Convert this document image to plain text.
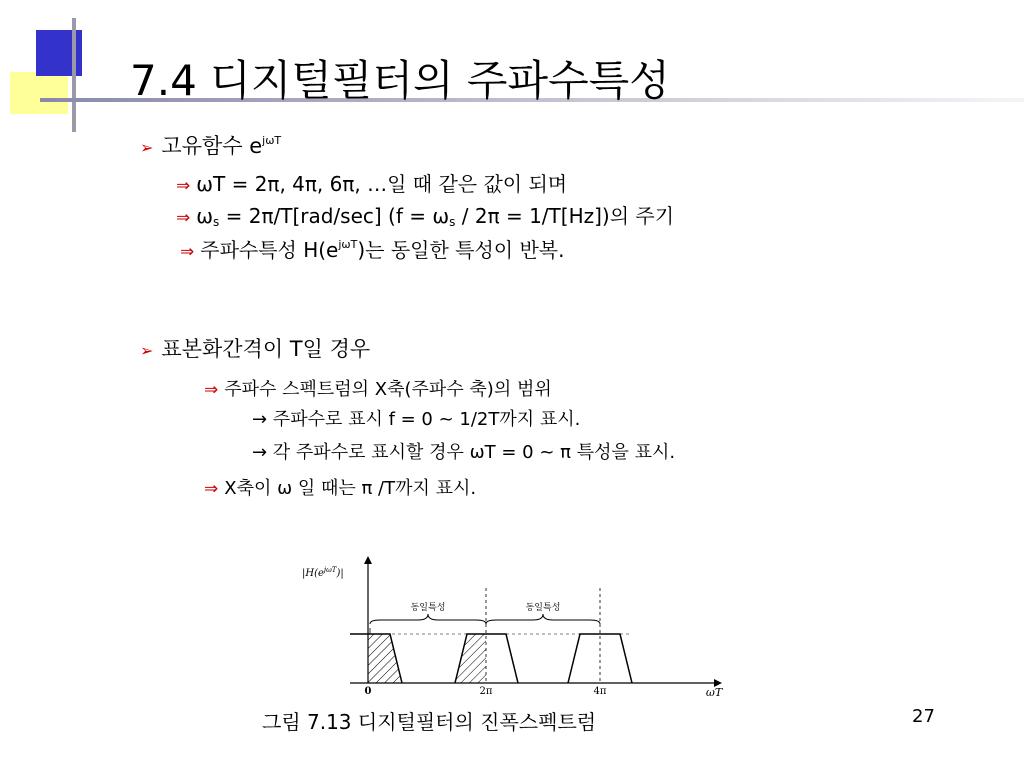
7.4 디지털필터의 주파수특성
➢ 고유함수 $e^{j\omega T}$
⇒ ωT = 2π, 4π, 6π, …일 때 같은 값이 되며
⇒ $\omega_s = 2\pi/T[rad/\sec] (f = \omega_s / 2\pi = 1/T[Hz])$의 주기
⇒ 주파수특성 $H(e^{j\omega T})$는 동일한 특성이 반복.
➢ 표본화간격이 T일 경우
⇒ 주파수 스펙트럼의 X축(주파수 축)의 범위
→ 주파수로 표시 f = 0 ~ 1/2T까지 표시.
→ 각 주파수로 표시할 경우 ωT = 0 ~ π 특성을 표시.
⇒ X축이 ω 일 때는 π /T까지 표시.
$|H(e^{j\omega T})|$
동일특성	동일특성
0	2π	4π	ωT
그림 7.13 디지털필터의 진폭스펙트럼	27
